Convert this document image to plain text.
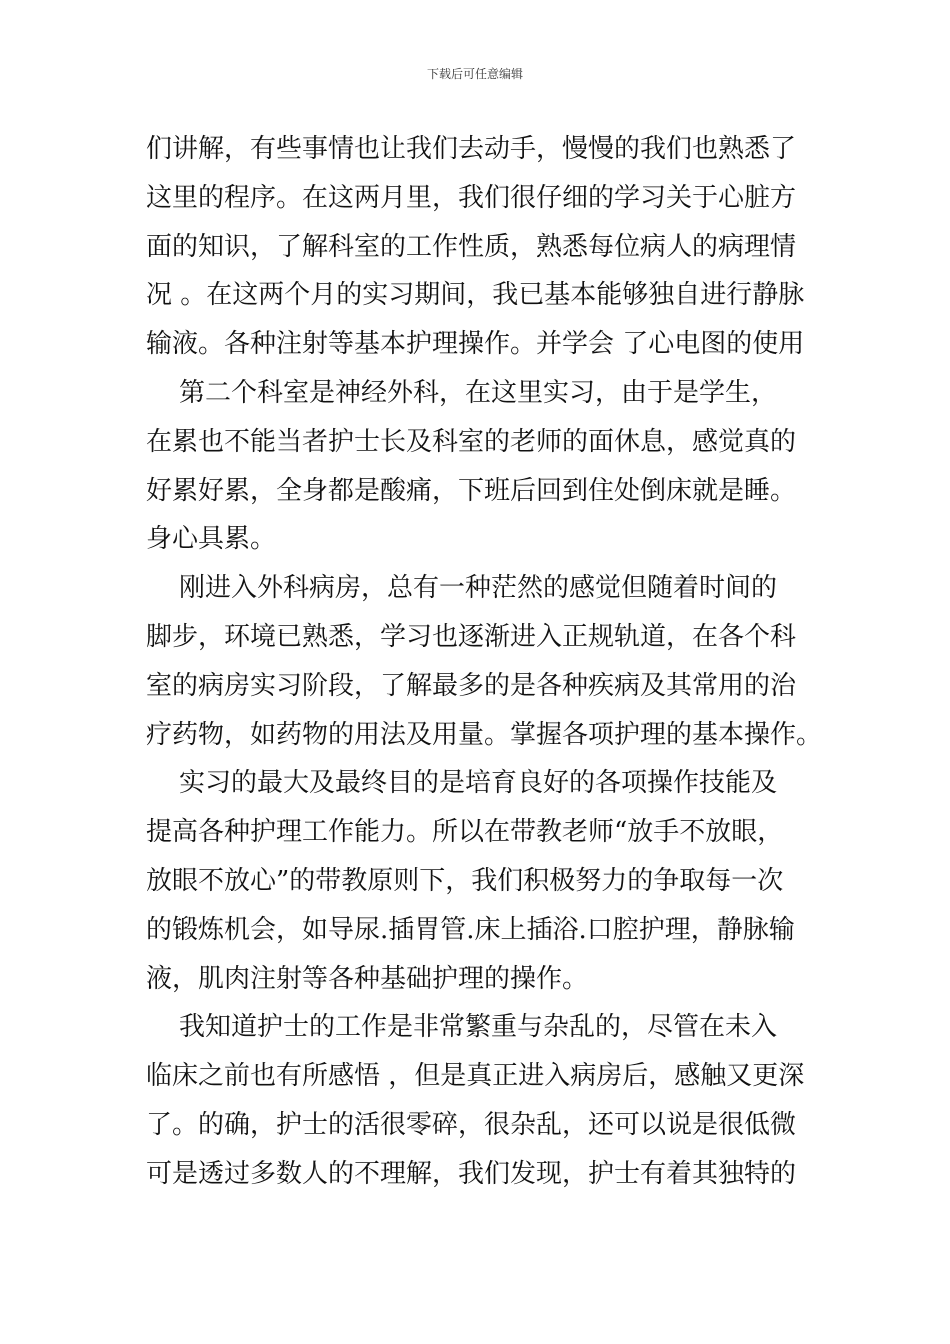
下载后可任意编辑
们讲解，有些事情也让我们去动手，慢慢的我们也熟悉了
这里的程序。在这两月里，我们很仔细的学习关于心脏方
面的知识，了解科室的工作性质，熟悉每位病人的病理情
况 。在这两个月的实习期间，我已基本能够独自进行静脉
输液。各种注射等基本护理操作。并学会 了心电图的使用
第二个科室是神经外科，在这里实习，由于是学生，
在累也不能当者护士长及科室的老师的面休息，感觉真的
好累好累，全身都是酸痛，下班后回到住处倒床就是睡。
身心具累。
刚进入外科病房，总有一种茫然的感觉但随着时间的
脚步，环境已熟悉，学习也逐渐进入正规轨道，在各个科
室的病房实习阶段，了解最多的是各种疾病及其常用的治
疗药物，如药物的用法及用量。掌握各项护理的基本操作。
实习的最大及最终目的是培育良好的各项操作技能及
提高各种护理工作能力。所以在带教老师“放手不放眼，
放眼不放心”的带教原则下，我们积极努力的争取每一次
的锻炼机会，如导尿.插胃管.床上插浴.口腔护理，静脉输
液，肌肉注射等各种基础护理的操作。
我知道护士的工作是非常繁重与杂乱的，尽管在未入
临床之前也有所感悟 ，但是真正进入病房后，感触又更深
了。的确，护士的活很零碎，很杂乱，还可以说是很低微
可是透过多数人的不理解，我们发现，护士有着其独特的
